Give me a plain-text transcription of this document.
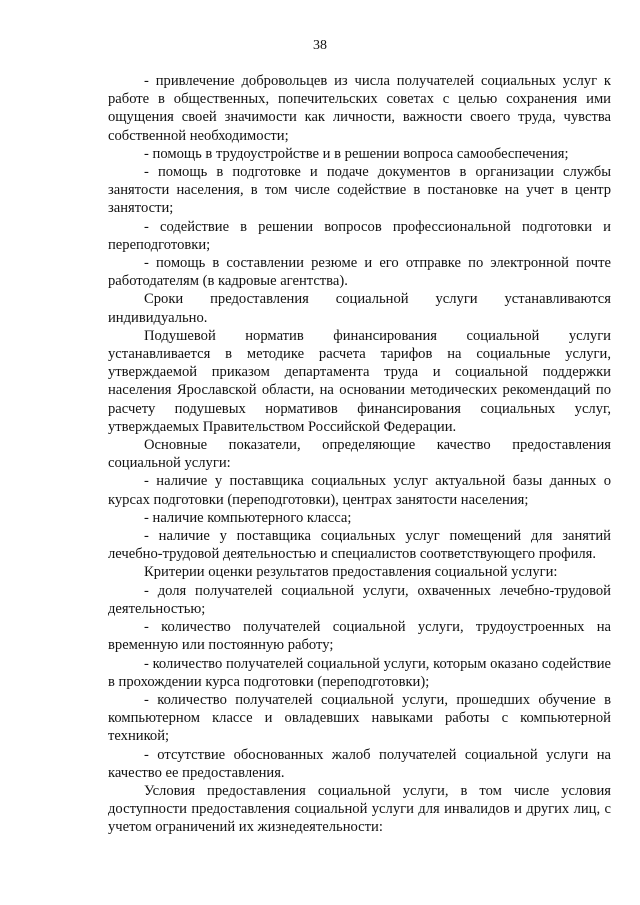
38

- привлечение добровольцев из числа получателей социальных услуг к работе в общественных, попечительских советах с целью сохранения ими ощущения своей значимости как личности, важности своего труда, чувства собственной необходимости;

- помощь в трудоустройстве и в решении вопроса самообеспечения;

- помощь в подготовке и подаче документов в организации службы занятости населения, в том числе содействие в постановке на учет в центр занятости;

- содействие в решении вопросов профессиональной подготовки и переподготовки;

- помощь в составлении резюме и его отправке по электронной почте работодателям (в кадровые агентства).

Сроки предоставления социальной услуги устанавливаются индивидуально.

Подушевой норматив финансирования социальной услуги устанавливается в методике расчета тарифов на социальные услуги, утверждаемой приказом департамента труда и социальной поддержки населения Ярославской области, на основании методических рекомендаций по расчету подушевых нормативов финансирования социальных услуг, утверждаемых Правительством Российской Федерации.

Основные показатели, определяющие качество предоставления социальной услуги:

- наличие у поставщика социальных услуг актуальной базы данных о курсах подготовки (переподготовки), центрах занятости населения;

- наличие компьютерного класса;

- наличие у поставщика социальных услуг помещений для занятий лечебно-трудовой деятельностью и специалистов соответствующего профиля.

Критерии оценки результатов предоставления социальной услуги:

- доля получателей социальной услуги, охваченных лечебно-трудовой деятельностью;

- количество получателей социальной услуги, трудоустроенных на временную или постоянную работу;

- количество получателей социальной услуги, которым оказано содействие в прохождении курса подготовки (переподготовки);

- количество получателей социальной услуги, прошедших обучение в компьютерном классе и овладевших навыками работы с компьютерной техникой;

- отсутствие обоснованных жалоб получателей социальной услуги на качество ее предоставления.

Условия предоставления социальной услуги, в том числе условия доступности предоставления социальной услуги для инвалидов и других лиц, с учетом ограничений их жизнедеятельности:
